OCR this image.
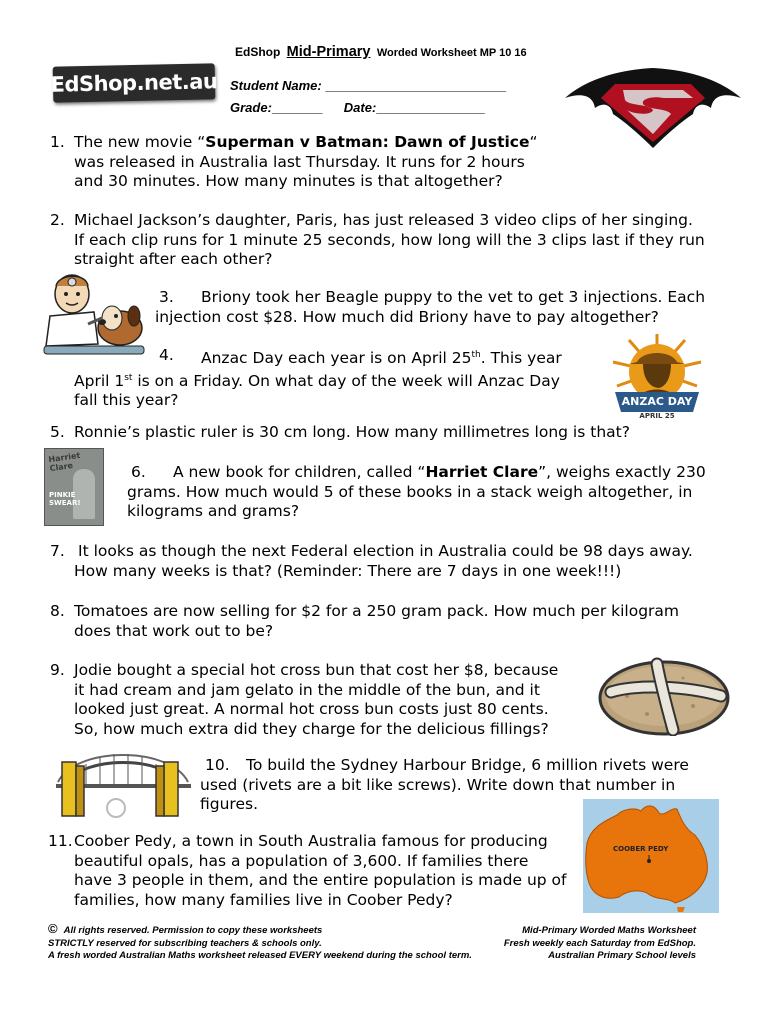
EdShop Mid-Primary Worded Worksheet MP 10 16
EdShop.net.au Student Name: _________________________
Grade:_______ Date:_______________
1. The new movie “Superman v Batman: Dawn of Justice“
was released in Australia last Thursday. It runs for 2 hours
and 30 minutes. How many minutes is that altogether?
2. Michael Jackson’s daughter, Paris, has just released 3 video clips of her singing.
If each clip runs for 1 minute 25 seconds, how long will the 3 clips last if they run
straight after each other?
3. Briony took her Beagle puppy to the vet to get 3 injections. Each
injection cost $28. How much did Briony have to pay altogether?
4. Anzac Day each year is on April 25th. This year
April 1st is on a Friday. On what day of the week will Anzac Day
fall this year?	ANZAC DAY
APRIL 25
5. Ronnie’s plastic ruler is 30 cm long. How many millimetres long is that?
Harriet
Clare
PINKIE SWEAR!
6. A new book for children, called “Harriet Clare”, weighs exactly 230
grams. How much would 5 of these books in a stack weigh altogether, in
kilograms and grams?
7. It looks as though the next Federal election in Australia could be 98 days away.
How many weeks is that? (Reminder: There are 7 days in one week!!!)
8. Tomatoes are now selling for $2 for a 250 gram pack. How much per kilogram
does that work out to be?
9. Jodie bought a special hot cross bun that cost her $8, because
it had cream and jam gelato in the middle of the bun, and it
looked just great. A normal hot cross bun costs just 80 cents.
So, how much extra did they charge for the delicious fillings?
10. To build the Sydney Harbour Bridge, 6 million rivets were
used (rivets are a bit like screws). Write down that number in
figures.
11. Coober Pedy, a town in South Australia famous for producing
beautiful opals, has a population of 3,600. If families there
have 3 people in them, and the entire population is made up of
families, how many families live in Coober Pedy?
COOBER PEDY
© All rights reserved. Permission to copy these worksheets
STRICTLY reserved for subscribing teachers & schools only.
A fresh worded Australian Maths worksheet released EVERY weekend during the school term.
Mid-Primary Worded Maths Worksheet
Fresh weekly each Saturday from EdShop.
Australian Primary School levels
